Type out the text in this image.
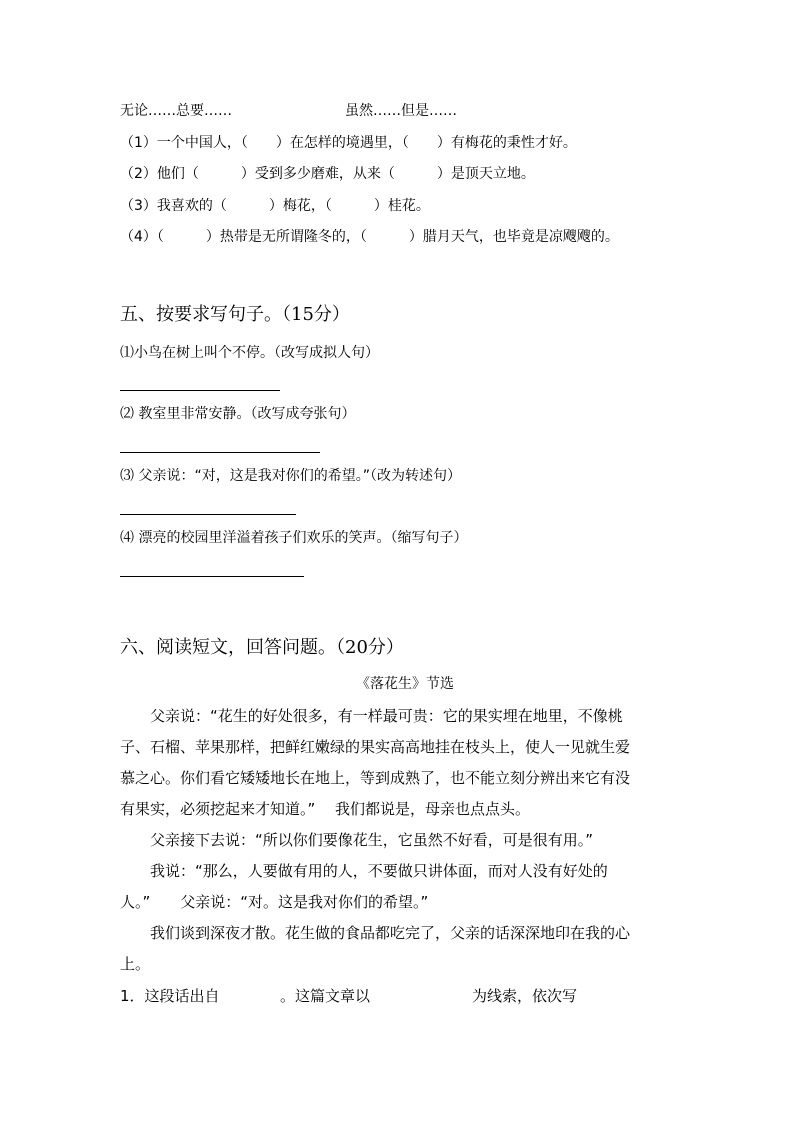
无论……总要……	虽然……但是……
（1）一个中国人，（　　）在怎样的境遇里，（　　）有梅花的秉性才好。
（2）他们（　　　）受到多少磨难，从来（　　　）是顶天立地。
（3）我喜欢的（　　　）梅花，（　　　）桂花。
（4）（　　　）热带是无所谓隆冬的，（　　　）腊月天气，也毕竟是凉飕飕的。
五、按要求写句子。（15分）
⑴小鸟在树上叫个不停。（改写成拟人句）
⑵ 教室里非常安静。（改写成夸张句）
⑶ 父亲说：“对，这是我对你们的希望。”（改为转述句）
⑷ 漂亮的校园里洋溢着孩子们欢乐的笑声。（缩写句子）
六、阅读短文，回答问题。（20分）
《落花生》节选
父亲说：“花生的好处很多，有一样最可贵：它的果实埋在地里，不像桃
子、石榴、苹果那样，把鲜红嫩绿的果实高高地挂在枝头上，使人一见就生爱
慕之心。你们看它矮矮地长在地上，等到成熟了，也不能立刻分辨出来它有没
有果实，必须挖起来才知道。”　 我们都说是，母亲也点点头。
父亲接下去说：“所以你们要像花生，它虽然不好看，可是很有用。”
我说：“那么，人要做有用的人，不要做只讲体面，而对人没有好处的
人。”　　父亲说：“对。这是我对你们的希望。”
我们谈到深夜才散。花生做的食品都吃完了，父亲的话深深地印在我的心
上。
1．这段话出自	。这篇文章以	为线索，依次写
